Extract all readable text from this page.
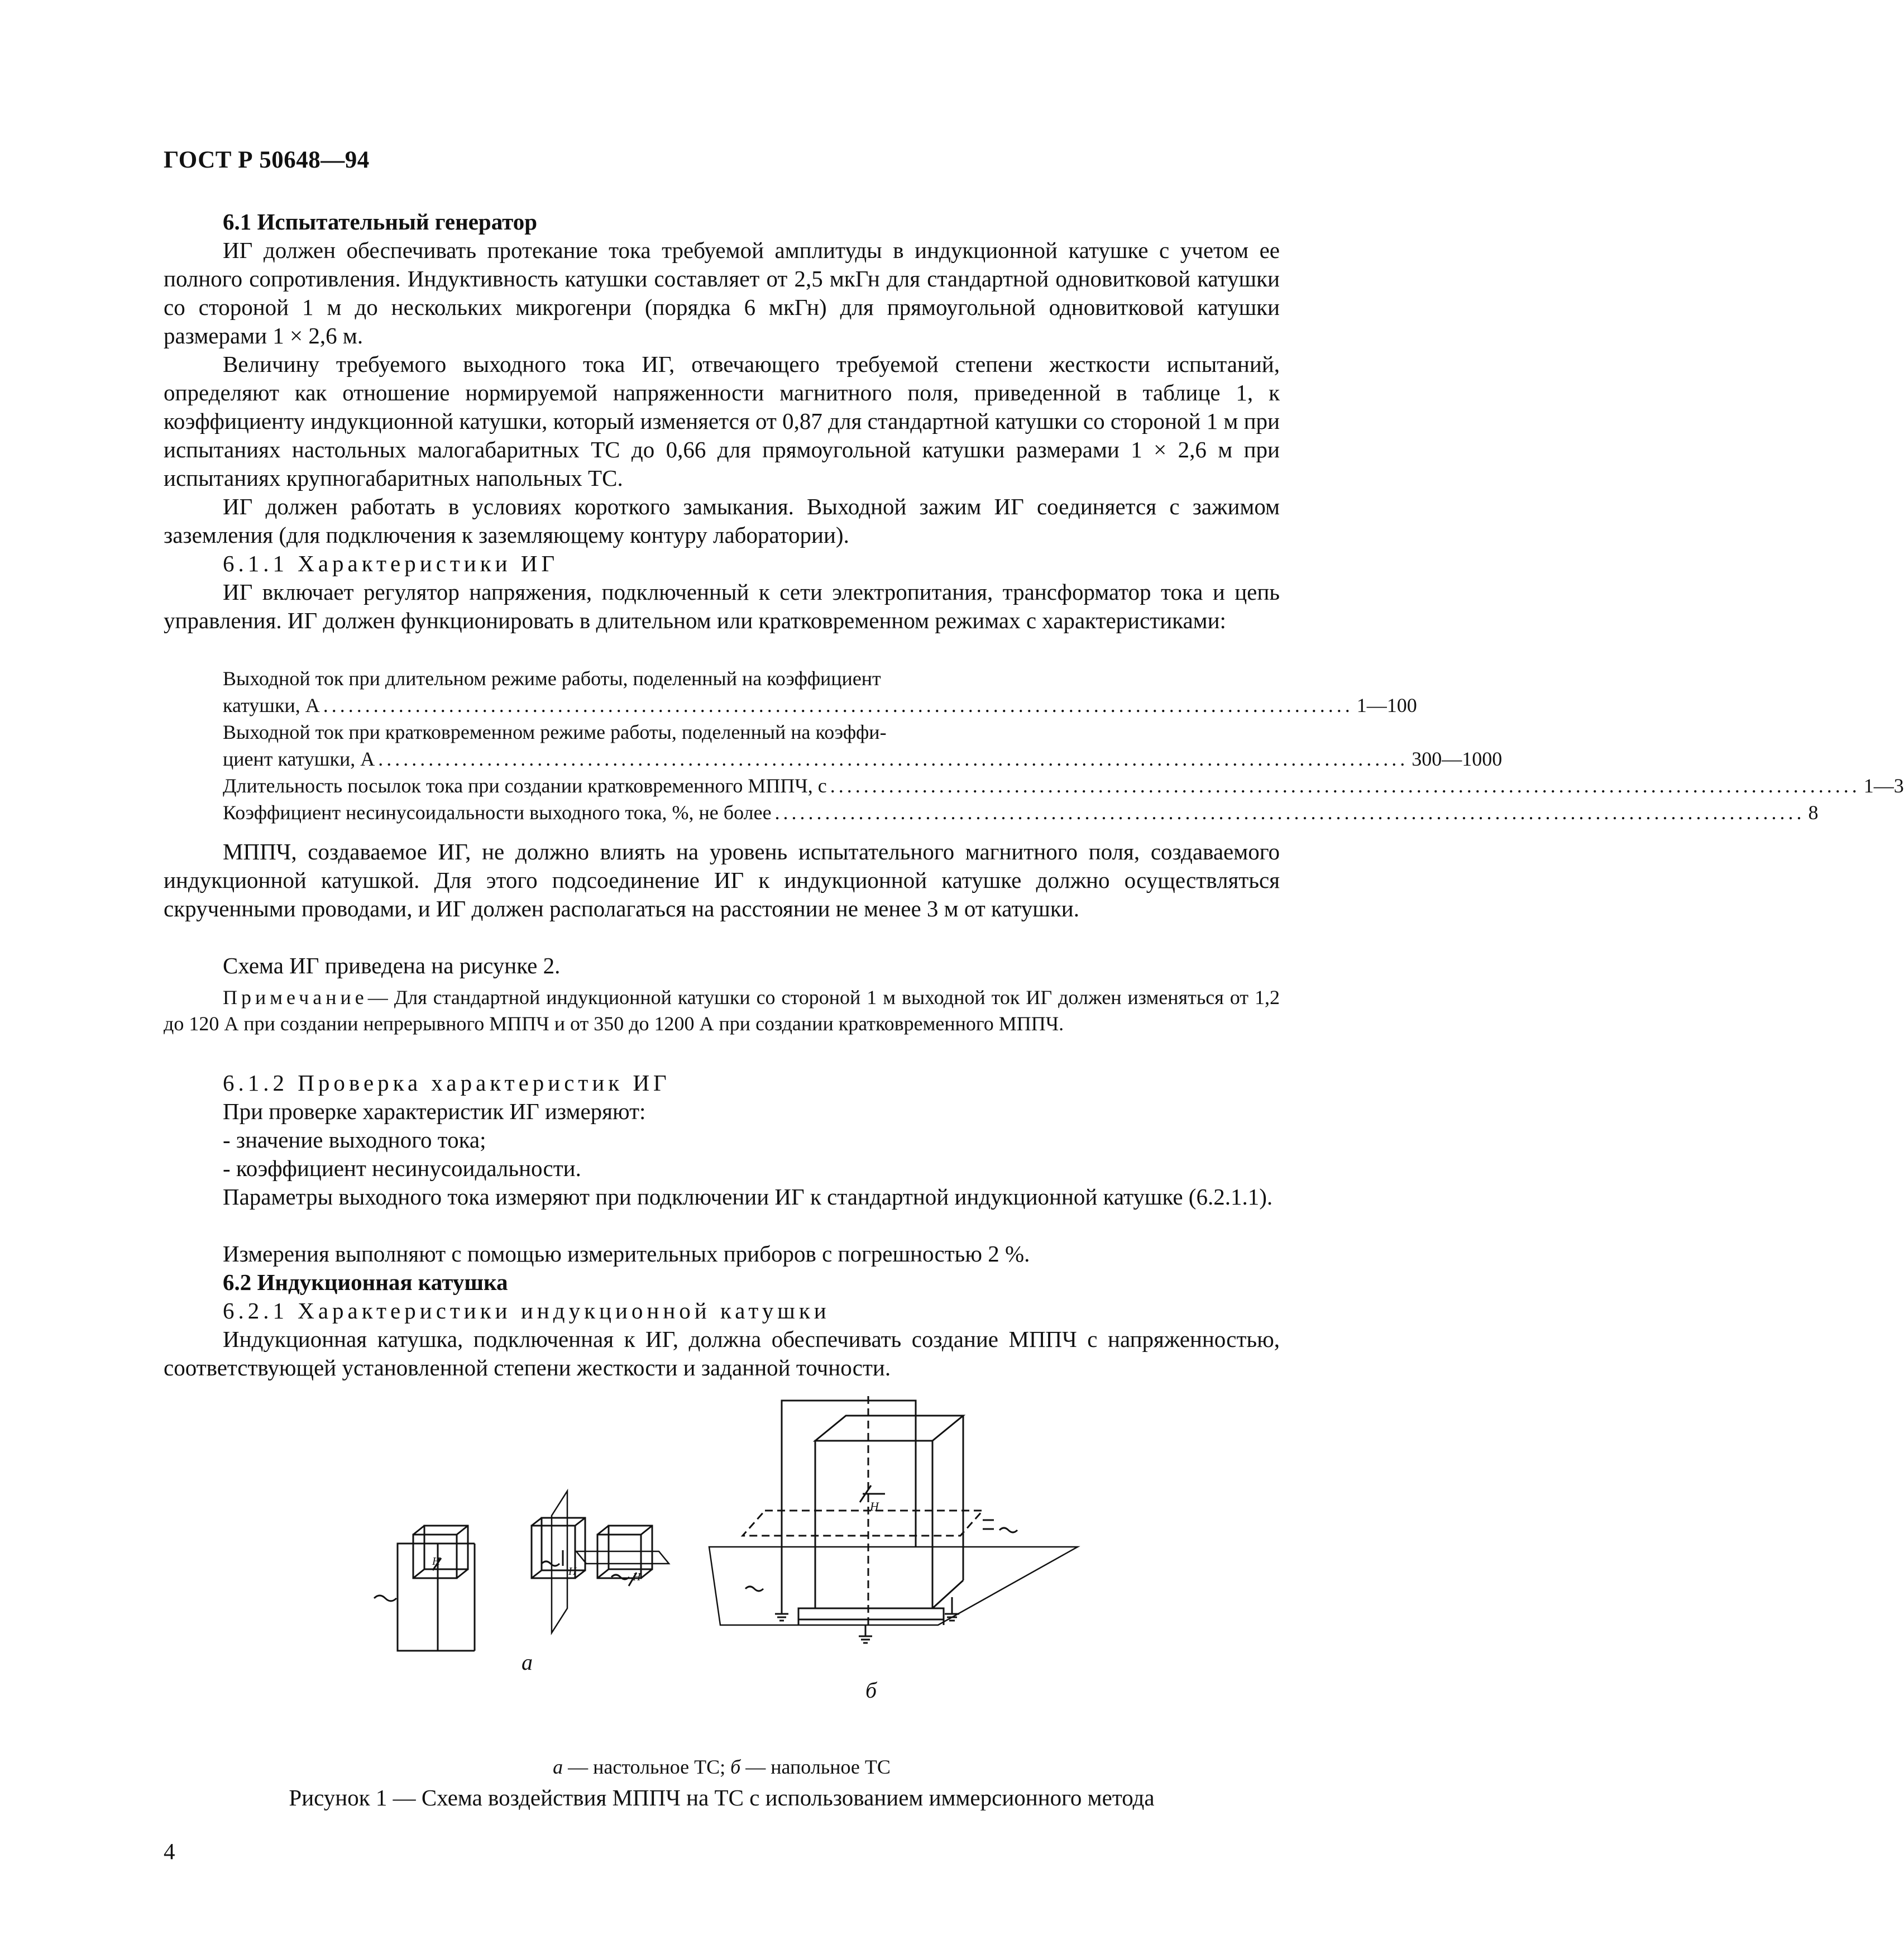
ГОСТ Р 50648—94
6.1 Испытательный генератор
ИГ должен обеспечивать протекание тока требуемой амплитуды в индукционной катушке с учетом ее полного сопротивления. Индуктивность катушки составляет от 2,5 мкГн для стандартной одновитковой катушки со стороной 1 м до нескольких микрогенри (порядка 6 мкГн) для прямоугольной одновитковой катушки размерами 1 × 2,6 м.
Величину требуемого выходного тока ИГ, отвечающего требуемой степени жесткости испытаний, определяют как отношение нормируемой напряженности магнитного поля, приведенной в таблице 1, к коэффициенту индукционной катушки, который изменяется от 0,87 для стандартной катушки со стороной 1 м при испытаниях настольных малогабаритных ТС до 0,66 для прямоугольной катушки размерами 1 × 2,6 м при испытаниях крупногабаритных напольных ТС.
ИГ должен работать в условиях короткого замыкания. Выходной зажим ИГ соединяется с зажимом заземления (для подключения к заземляющему контуру лаборатории).
6.1.1 Характеристики ИГ
ИГ включает регулятор напряжения, подключенный к сети электропитания, трансформатор тока и цепь управления. ИГ должен функционировать в длительном или кратковременном режимах с характеристиками:
Выходной ток при длительном режиме работы, поделенный на коэффициент
катушки, А ........................................................................................................................... 1—100
Выходной ток при кратковременном режиме работы, поделенный на коэффи-
циент катушки, А ........................................................................................................................... 300—1000
Длительность посылок тока при создании кратковременного МППЧ, с ........................................................................................................................... 1—3
Коэффициент несинусоидальности выходного тока, %, не более ........................................................................................................................... 8
МППЧ, создаваемое ИГ, не должно влиять на уровень испытательного магнитного поля, создаваемого индукционной катушкой. Для этого подсоединение ИГ к индукционной катушке должно осуществляться скрученными проводами, и ИГ должен располагаться на расстоянии не менее 3 м от катушки.
Схема ИГ приведена на рисунке 2.
Примечание— Для стандартной индукционной катушки со стороной 1 м выходной ток ИГ должен изменяться от 1,2 до 120 А при создании непрерывного МППЧ и от 350 до 1200 А при создании кратковременного МППЧ.
6.1.2 Проверка характеристик ИГ
При проверке характеристик ИГ измеряют:
- значение выходного тока;
- коэффициент несинусоидальности.
Параметры выходного тока измеряют при подключении ИГ к стандартной индукционной катушке (6.2.1.1).
Измерения выполняют с помощью измерительных приборов с погрешностью 2 %.
6.2 Индукционная катушка
6.2.1 Характеристики индукционной катушки
Индукционная катушка, подключенная к ИГ, должна обеспечивать создание МППЧ с напряженностью, соответствующей установленной степени жесткости и заданной точности.
Н
Н	Н
а
Н
б
а — настольное ТС; б — напольное ТС
Рисунок 1 — Схема воздействия МППЧ на ТС с использованием иммерсионного метода
4
